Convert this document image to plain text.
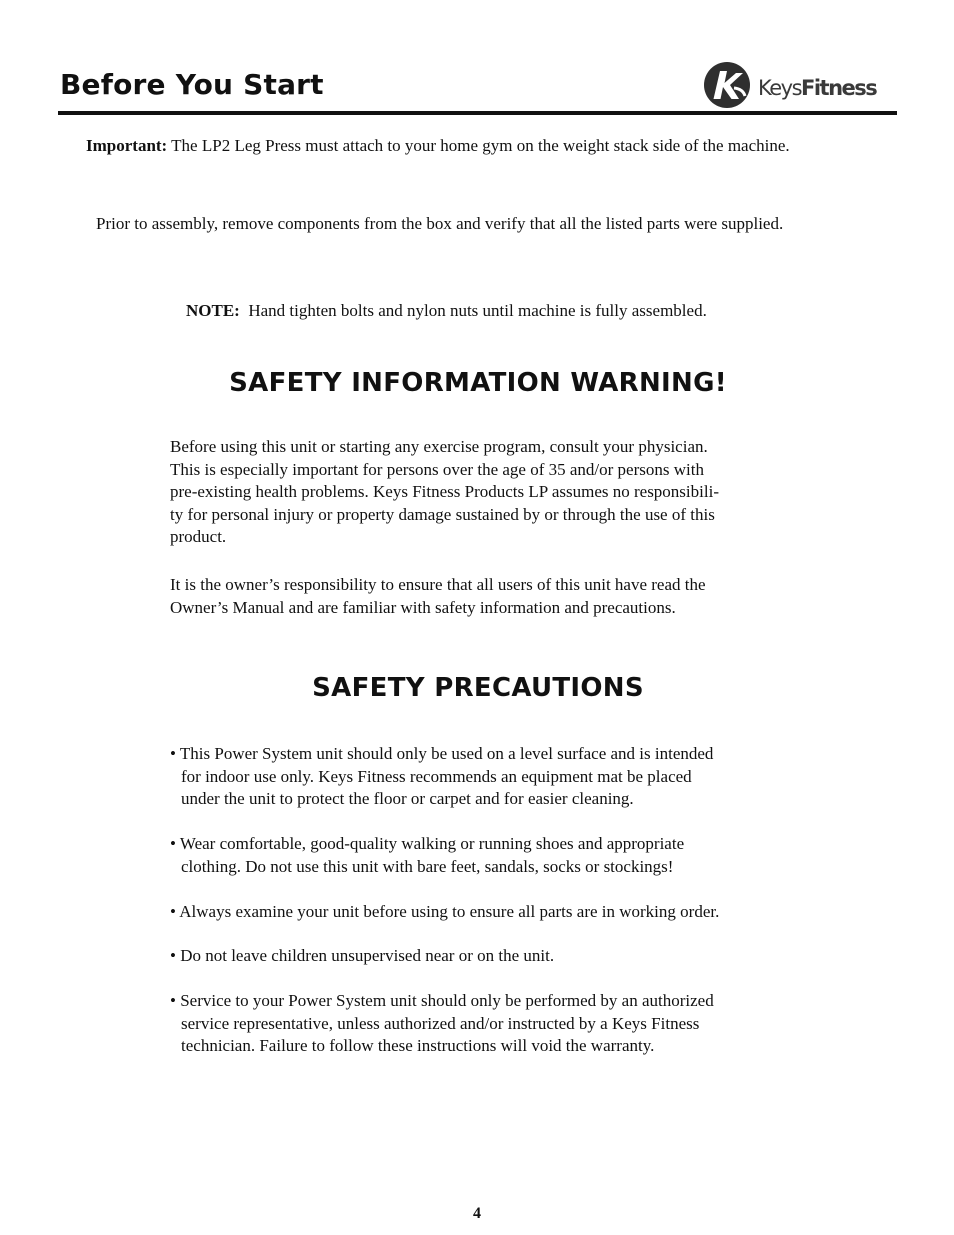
Before You Start	KeysFitness

Important: The LP2 Leg Press must attach to your home gym on the weight stack side of the machine.

Prior to assembly, remove components from the box and verify that all the listed parts were supplied.

NOTE: Hand tighten bolts and nylon nuts until machine is fully assembled.

SAFETY INFORMATION WARNING!
Before using this unit or starting any exercise program, consult your physician.
This is especially important for persons over the age of 35 and/or persons with
pre-existing health problems. Keys Fitness Products LP assumes no responsibili-
ty for personal injury or property damage sustained by or through the use of this
product.
It is the owner’s responsibility to ensure that all users of this unit have read the
Owner’s Manual and are familiar with safety information and precautions.
SAFETY PRECAUTIONS
• This Power System unit should only be used on a level surface and is intended
for indoor use only. Keys Fitness recommends an equipment mat be placed
under the unit to protect the floor or carpet and for easier cleaning.
• Wear comfortable, good-quality walking or running shoes and appropriate
clothing. Do not use this unit with bare feet, sandals, socks or stockings!
• Always examine your unit before using to ensure all parts are in working order.
• Do not leave children unsupervised near or on the unit.
• Service to your Power System unit should only be performed by an authorized
service representative, unless authorized and/or instructed by a Keys Fitness
technician. Failure to follow these instructions will void the warranty.

4
